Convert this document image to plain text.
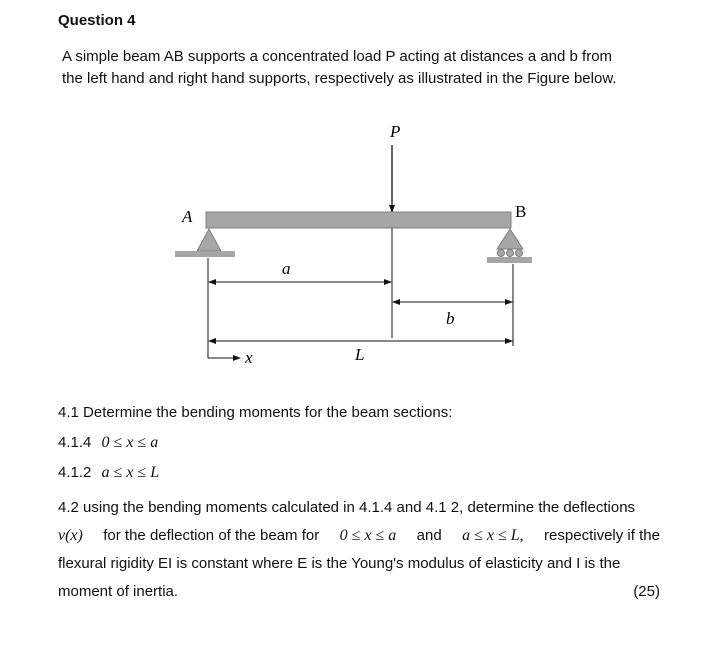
Question 4
A simple beam AB supports a concentrated load P acting at distances a and b from
the left hand and right hand supports, respectively as illustrated in the Figure below.
P
A	B
a
b
L
x
4.1 Determine the bending moments for the beam sections:
4.1.4 0 ≤ x ≤ a
4.1.2 a ≤ x ≤ L
4.2 using the bending moments calculated in 4.1.4 and 4.1 2, determine the deflections
v(x) for the deflection of the beam for 0 ≤ x ≤ a and a ≤ x ≤ L, respectively if the
flexural rigidity EI is constant where E is the Young's modulus of elasticity and I is the
moment of inertia.	(25)
